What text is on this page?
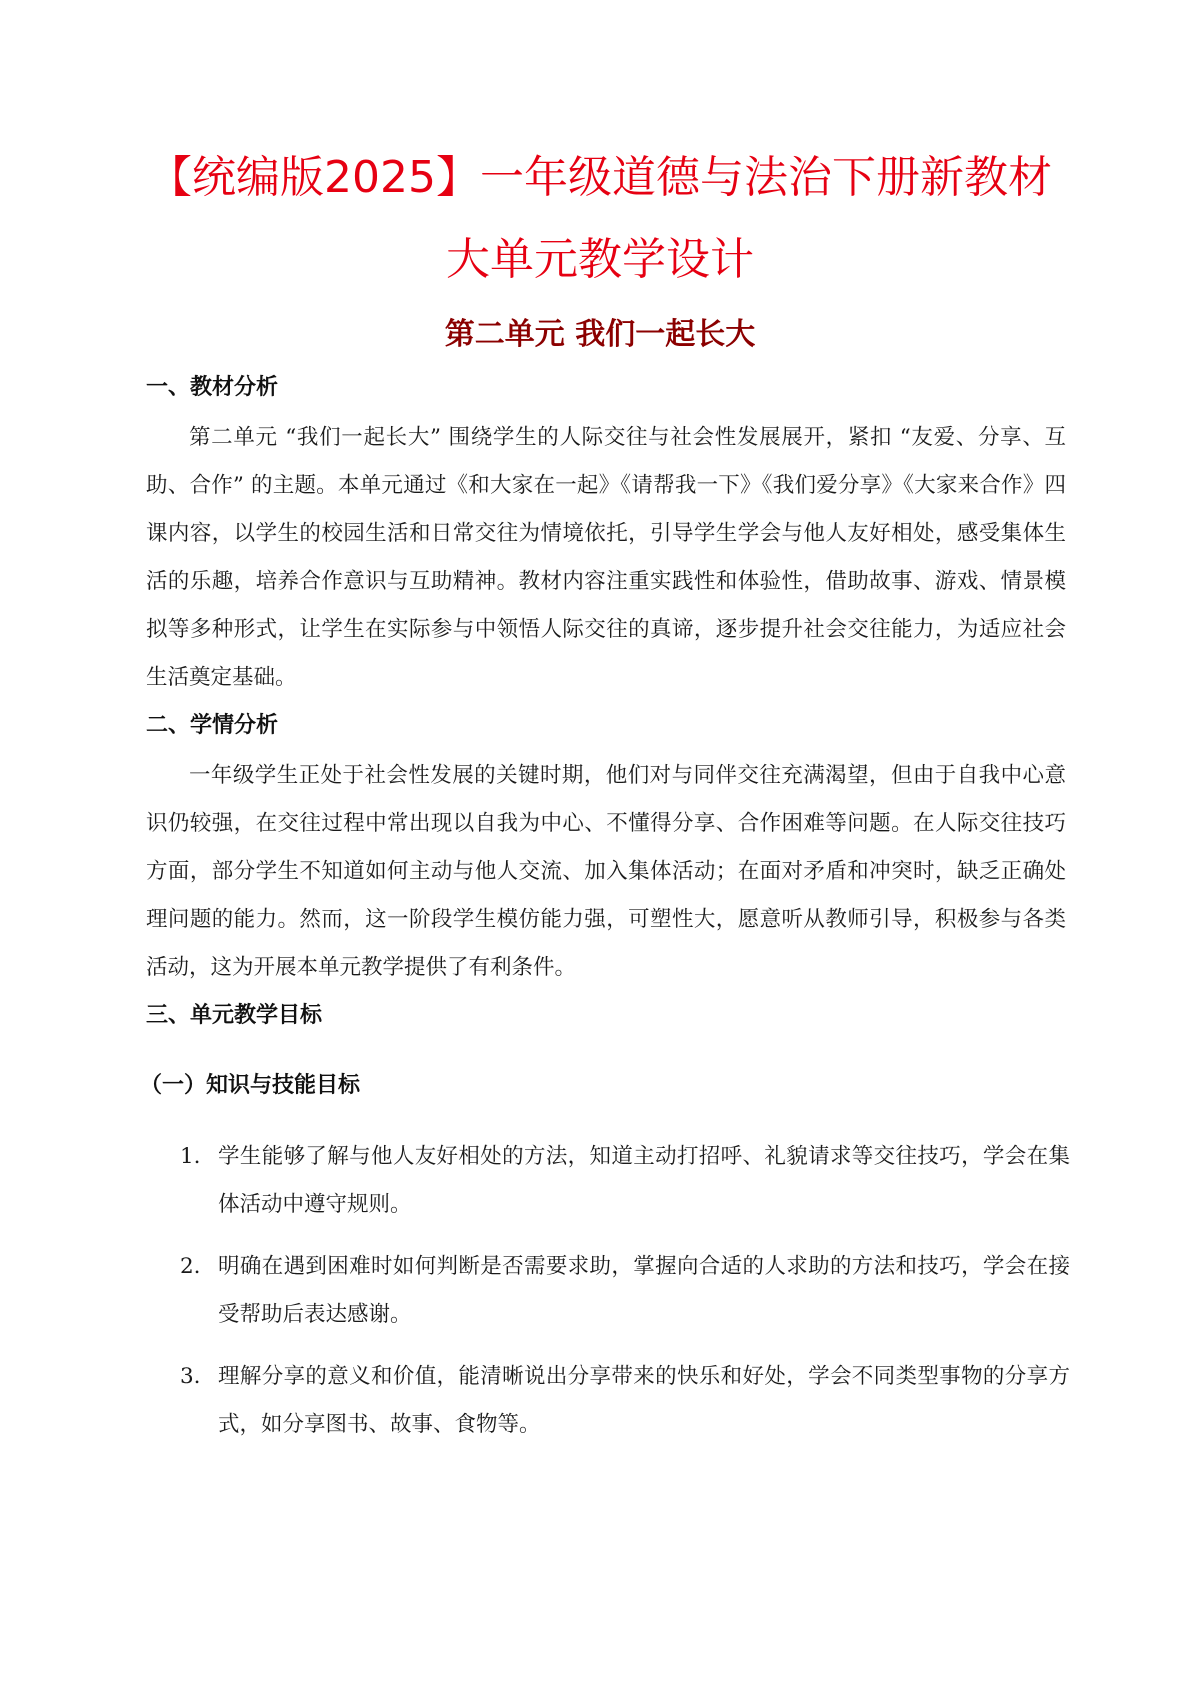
【统编版2025】一年级道德与法治下册新教材
大单元教学设计
第二单元 我们一起长大
一、教材分析

第二单元 “我们一起长大” 围绕学生的人际交往与社会性发展展开，紧扣 “友爱、分享、互助、合作” 的主题。本单元通过《和大家在一起》《请帮我一下》《我们爱分享》《大家来合作》四课内容，以学生的校园生活和日常交往为情境依托，引导学生学会与他人友好相处，感受集体生活的乐趣，培养合作意识与互助精神。教材内容注重实践性和体验性，借助故事、游戏、情景模拟等多种形式，让学生在实际参与中领悟人际交往的真谛，逐步提升社会交往能力，为适应社会生活奠定基础。

二、学情分析

一年级学生正处于社会性发展的关键时期，他们对与同伴交往充满渴望，但由于自我中心意识仍较强，在交往过程中常出现以自我为中心、不懂得分享、合作困难等问题。在人际交往技巧方面，部分学生不知道如何主动与他人交流、加入集体活动；在面对矛盾和冲突时，缺乏正确处理问题的能力。然而，这一阶段学生模仿能力强，可塑性大，愿意听从教师引导，积极参与各类活动，这为开展本单元教学提供了有利条件。

三、单元教学目标
（一）知识与技能目标
1. 学生能够了解与他人友好相处的方法，知道主动打招呼、礼貌请求等交往技巧，学会在集体活动中遵守规则。
2. 明确在遇到困难时如何判断是否需要求助，掌握向合适的人求助的方法和技巧，学会在接受帮助后表达感谢。
3. 理解分享的意义和价值，能清晰说出分享带来的快乐和好处，学会不同类型事物的分享方式，如分享图书、故事、食物等。
